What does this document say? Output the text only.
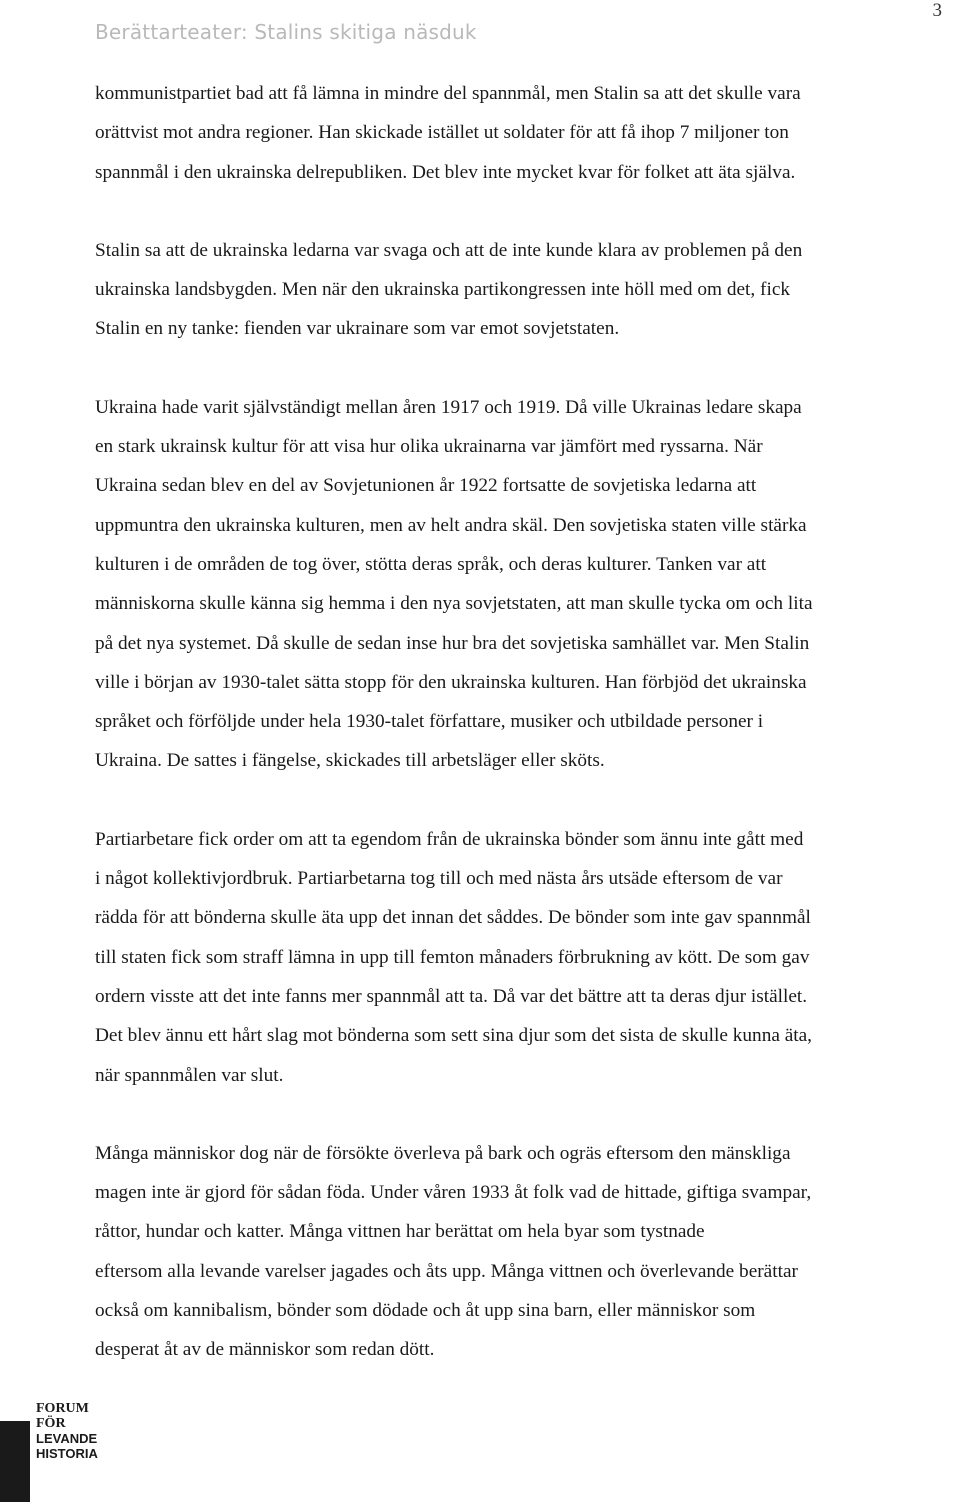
Berättarteater: Stalins skitiga näsduk
3

kommunistpartiet bad att få lämna in mindre del spannmål, men Stalin sa att det skulle vara
orättvist mot andra regioner. Han skickade istället ut soldater för att få ihop 7 miljoner ton
spannmål i den ukrainska delrepubliken. Det blev inte mycket kvar för folket att äta själva.

Stalin sa att de ukrainska ledarna var svaga och att de inte kunde klara av problemen på den
ukrainska landsbygden. Men när den ukrainska partikongressen inte höll med om det, fick
Stalin en ny tanke: fienden var ukrainare som var emot sovjetstaten.

Ukraina hade varit självständigt mellan åren 1917 och 1919. Då ville Ukrainas ledare skapa
en stark ukrainsk kultur för att visa hur olika ukrainarna var jämfört med ryssarna. När
Ukraina sedan blev en del av Sovjetunionen år 1922 fortsatte de sovjetiska ledarna att
uppmuntra den ukrainska kulturen, men av helt andra skäl. Den sovjetiska staten ville stärka
kulturen i de områden de tog över, stötta deras språk, och deras kulturer. Tanken var att
människorna skulle känna sig hemma i den nya sovjetstaten, att man skulle tycka om och lita
på det nya systemet. Då skulle de sedan inse hur bra det sovjetiska samhället var. Men Stalin
ville i början av 1930-talet sätta stopp för den ukrainska kulturen. Han förbjöd det ukrainska
språket och förföljde under hela 1930-talet författare, musiker och utbildade personer i
Ukraina. De sattes i fängelse, skickades till arbetsläger eller sköts.

Partiarbetare fick order om att ta egendom från de ukrainska bönder som ännu inte gått med
i något kollektivjordbruk. Partiarbetarna tog till och med nästa års utsäde eftersom de var
rädda för att bönderna skulle äta upp det innan det såddes. De bönder som inte gav spannmål
till staten fick som straff lämna in upp till femton månaders förbrukning av kött. De som gav
ordern visste att det inte fanns mer spannmål att ta. Då var det bättre att ta deras djur istället.
Det blev ännu ett hårt slag mot bönderna som sett sina djur som det sista de skulle kunna äta,
när spannmålen var slut.

Många människor dog när de försökte överleva på bark och ogräs eftersom den mänskliga
magen inte är gjord för sådan föda. Under våren 1933 åt folk vad de hittade, giftiga svampar,
råttor, hundar och katter. Många vittnen har berättat om hela byar som tystnade
eftersom alla levande varelser jagades och åts upp. Många vittnen och överlevande berättar
också om kannibalism, bönder som dödade och åt upp sina barn, eller människor som
desperat åt av de människor som redan dött.

FORUM
FÖR
LEVANDE
HISTORIA
